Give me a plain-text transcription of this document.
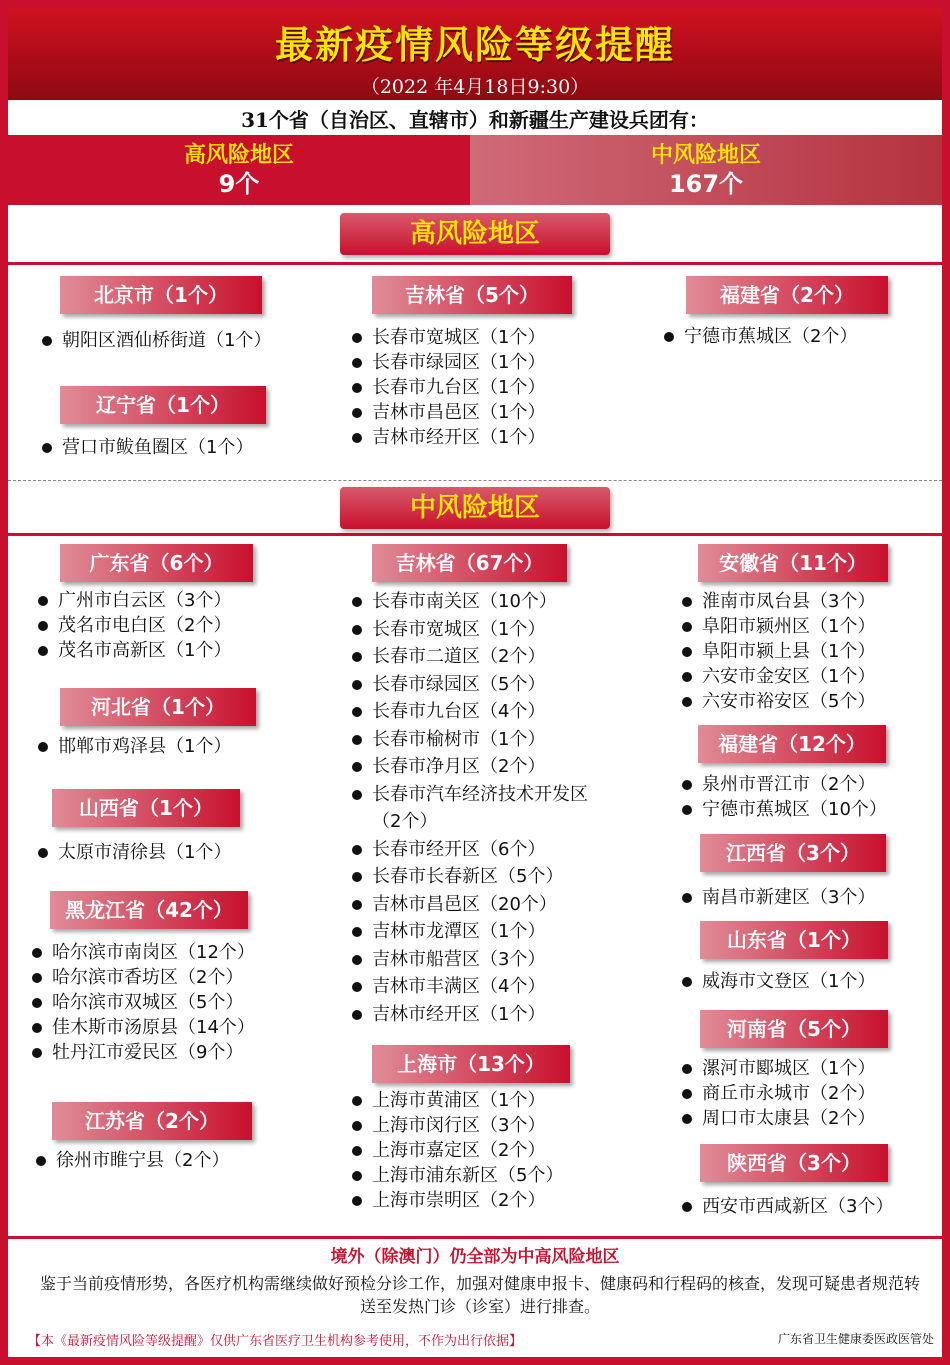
最新疫情风险等级提醒
（2022 年4月18日9:30）
31个省（自治区、直辖市）和新疆生产建设兵团有：
高风险地区
9个
中风险地区
167个
高风险地区
北京市（1个）
朝阳区酒仙桥街道（1个）
辽宁省（1个）
营口市鲅鱼圈区（1个）
吉林省（5个）
长春市宽城区（1个）
长春市绿园区（1个）
长春市九台区（1个）
吉林市昌邑区（1个）
吉林市经开区（1个）
福建省（2个）
宁德市蕉城区（2个）
中风险地区
广东省（6个）
广州市白云区（3个）
茂名市电白区（2个）
茂名市高新区（1个）
河北省（1个）
邯郸市鸡泽县（1个）
山西省（1个）
太原市清徐县（1个）
黑龙江省（42个）
哈尔滨市南岗区（12个）
哈尔滨市香坊区（2个）
哈尔滨市双城区（5个）
佳木斯市汤原县（14个）
牡丹江市爱民区（9个）
江苏省（2个）
徐州市睢宁县（2个）
吉林省（67个）
长春市南关区（10个）
长春市宽城区（1个）
长春市二道区（2个）
长春市绿园区（5个）
长春市九台区（4个）
长春市榆树市（1个）
长春市净月区（2个）
长春市汽车经济技术开发区（2个）
长春市经开区（6个）
长春市长春新区（5个）
吉林市昌邑区（20个）
吉林市龙潭区（1个）
吉林市船营区（3个）
吉林市丰满区（4个）
吉林市经开区（1个）
上海市（13个）
上海市黄浦区（1个）
上海市闵行区（3个）
上海市嘉定区（2个）
上海市浦东新区（5个）
上海市崇明区（2个）
安徽省（11个）
淮南市凤台县（3个）
阜阳市颍州区（1个）
阜阳市颍上县（1个）
六安市金安区（1个）
六安市裕安区（5个）
福建省（12个）
泉州市晋江市（2个）
宁德市蕉城区（10个）
江西省（3个）
南昌市新建区（3个）
山东省（1个）
威海市文登区（1个）
河南省（5个）
漯河市郾城区（1个）
商丘市永城市（2个）
周口市太康县（2个）
陕西省（3个）
西安市西咸新区（3个）
境外（除澳门）仍全部为中高风险地区
鉴于当前疫情形势，各医疗机构需继续做好预检分诊工作，加强对健康申报卡、健康码和行程码的核查，发现可疑患者规范转送至发热门诊（诊室）进行排查。
【本《最新疫情风险等级提醒》仅供广东省医疗卫生机构参考使用，不作为出行依据】	广东省卫生健康委医政医管处
